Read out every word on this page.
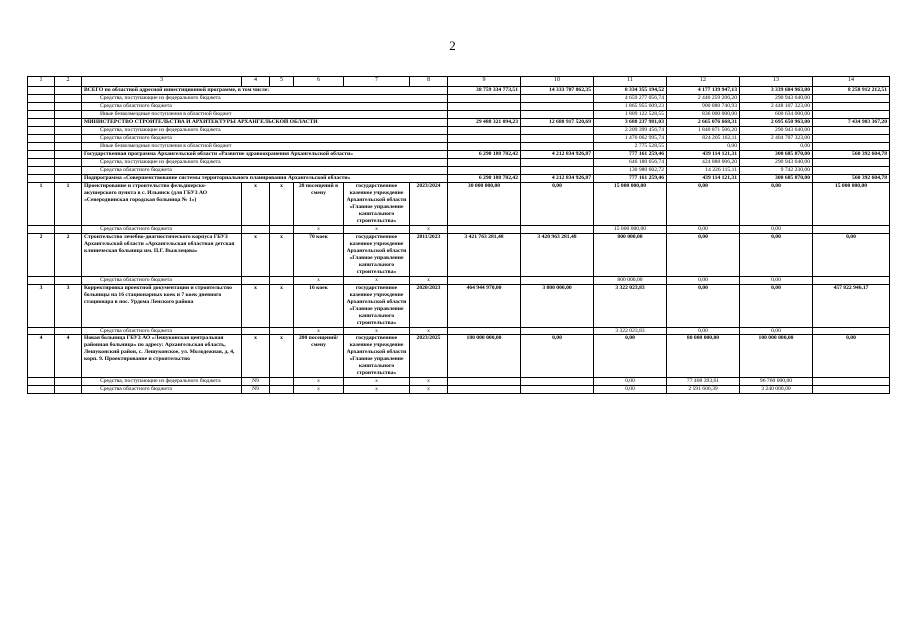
2
1	2	3	4	5	6	7	8	9	10	11	12	13	14
		ВСЕГО по областной адресной инвестиционной программе, в том числе:						38 759 334 773,51	14 333 707 862,35	8 334 355 194,52	4 177 139 947,13	3 339 684 963,00	8 258 912 212,51
		Средства, поступающие из федерального бюджета								4 659 277 056,74	2 440 259 206,20	290 943 640,00	
		Средства областного бюджета								1 865 955 609,23	900 880 740,93	2 448 107 323,00	
		Иные безвозмездные поступления в областной бюджет								1 809 122 528,55	836 000 000,00	600 634 000,00	
		МИНИСТЕРСТВО СТРОИТЕЛЬСТВА И АРХИТЕКТУРЫ АРХАНГЕЛЬСКОЙ ОБЛАСТИ						29 488 321 094,23	12 688 917 520,69	3 688 237 981,03	2 665 076 668,31	2 695 650 963,00	7 434 903 367,20
		Средства, поступающие из федерального бюджета								2 209 399 456,74	1 840 871 506,20	290 943 640,00	
		Средства областного бюджета								1 476 062 995,74	824 205 162,11	2 404 707 323,00	
		Иные безвозмездные поступления в областной бюджет								2 775 528,55	0,00	0,00	
		Государственная программа Архангельской области «Развитие здравоохранения Архангельской области»						6 290 188 782,42	4 212 834 926,87	777 161 259,46	439 114 121,31	300 685 870,00	560 392 604,78
		Средства, поступающие из федерального бюджета								646 180 656,74	424 888 006,20	290 943 640,00	
		Средства областного бюджета								130 980 602,72	14 226 115,11	9 742 230,00	
		Подпрограмма «Совершенствование системы территориального планирования Архангельской области»						6 290 188 782,42	4 212 834 926,87	777 161 259,46	439 114 121,31	300 685 870,00	560 392 604,78
1	1	Проектирование и строительство фельдшерско-акушерского пункта в с. Ильинск (для ГБУЗ АО «Северодвинская городская больница № 1»)	x	x	20 посещений в смену	государственное казенное учреждение Архангельской области «Главное управление капитального строительства»	2023/2024	30 000 000,00	0,00	15 000 000,00	0,00	0,00	15 000 000,00
		Средства областного бюджета			x	x	x			15 000 000,00	0,00	0,00	
2	2	Строительство лечебно-диагностического корпуса ГБУЗ Архангельской области «Архангельская областная детская клиническая больница им. П.Г. Выжлецова»	x	x	70 коек	государственное казенное учреждение Архангельской области «Главное управление капитального строительства»	2011/2023	3 421 763 281,48	3 420 963 281,48	800 000,00	0,00	0,00	0,00
		Средства областного бюджета			x	x	x			800 000,00	0,00	0,00	
3	3	Корректировка проектной документации и строительство больницы на 16 стационарных коек и 7 коек дневного стационара в пос. Урдома Ленского района	x	x	16 коек	государственное казенное учреждение Архангельской области «Главное управление капитального строительства»	2020/2023	464 944 970,00	3 800 000,00	3 322 023,83	0,00	0,00	457 822 946,17
		Средства областного бюджета			x	x	x			3 322 023,83	0,00	0,00	
4	4	Новая больница ГБУЗ АО «Лешуконская центральная районная больница» по адресу: Архангельская область, Лешуконский район, с. Лешуконское, ул. Молодежная, д. 4, корп. 9. Проектирование и строительство	x	x	200 посещений/смену	государственное казенное учреждение Архангельской области «Главное управление капитального строительства»	2023/2025	180 000 000,00	0,00	0,00	80 000 000,00	100 000 000,00	0,00
		Средства, поступающие из федерального бюджета	N9		x	x	x			0,00	77 408 393,61	96 760 000,00	
		Средства областного бюджета	N9		x	x	x			0,00	2 591 606,39	3 240 000,00	
